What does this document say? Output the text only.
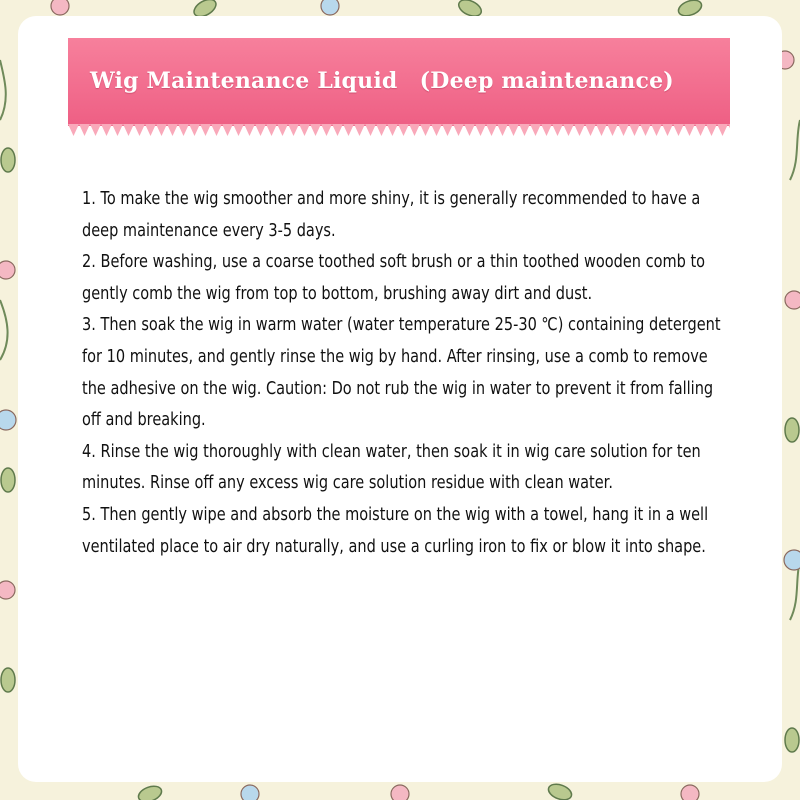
Wig Maintenance Liquid　(Deep maintenance)

1. To make the wig smoother and more shiny, it is generally recommended to have a deep maintenance every 3-5 days.

2. Before washing, use a coarse toothed soft brush or a thin toothed wooden comb to gently comb the wig from top to bottom, brushing away dirt and dust.

3. Then soak the wig in warm water (water temperature 25-30 ℃) containing detergent for 10 minutes, and gently rinse the wig by hand. After rinsing, use a comb to remove the adhesive on the wig. Caution: Do not rub the wig in water to prevent it from falling off and breaking.

4. Rinse the wig thoroughly with clean water, then soak it in wig care solution for ten minutes. Rinse off any excess wig care solution residue with clean water.

5. Then gently wipe and absorb the moisture on the wig with a towel, hang it in a well ventilated place to air dry naturally, and use a curling iron to fix or blow it into shape.
